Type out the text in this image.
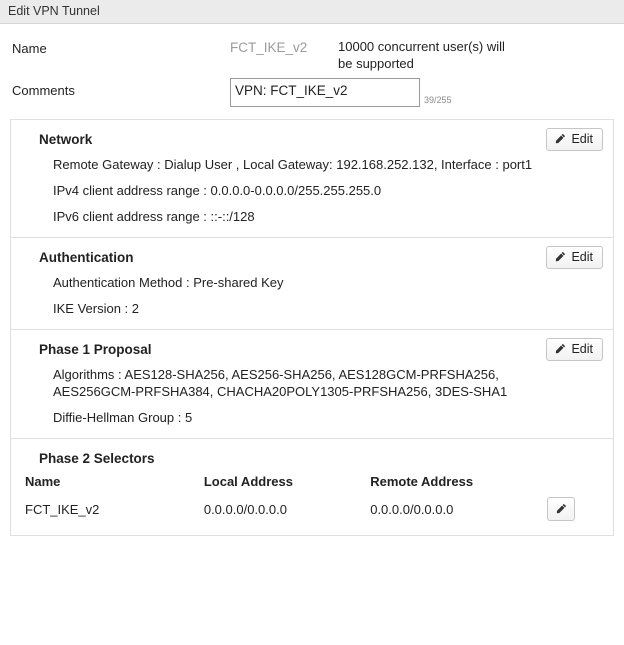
Edit VPN Tunnel
Name	FCT_IKE_v2	10000 concurrent user(s) will be supported
Comments
VPN: FCT_IKE_v2
39/255
Network	Edit
Remote Gateway : Dialup User , Local Gateway: 192.168.252.132, Interface : port1
IPv4 client address range : 0.0.0.0-0.0.0.0/255.255.255.0
IPv6 client address range : ::-::/128
Authentication	Edit
Authentication Method : Pre-shared Key
IKE Version : 2
Phase 1 Proposal	Edit
Algorithms : AES128-SHA256, AES256-SHA256, AES128GCM-PRFSHA256, AES256GCM-PRFSHA384, CHACHA20POLY1305-PRFSHA256, 3DES-SHA1
Diffie-Hellman Group : 5
Phase 2 Selectors
Name	Local Address	Remote Address	
FCT_IKE_v2	0.0.0.0/0.0.0.0	0.0.0.0/0.0.0.0	
